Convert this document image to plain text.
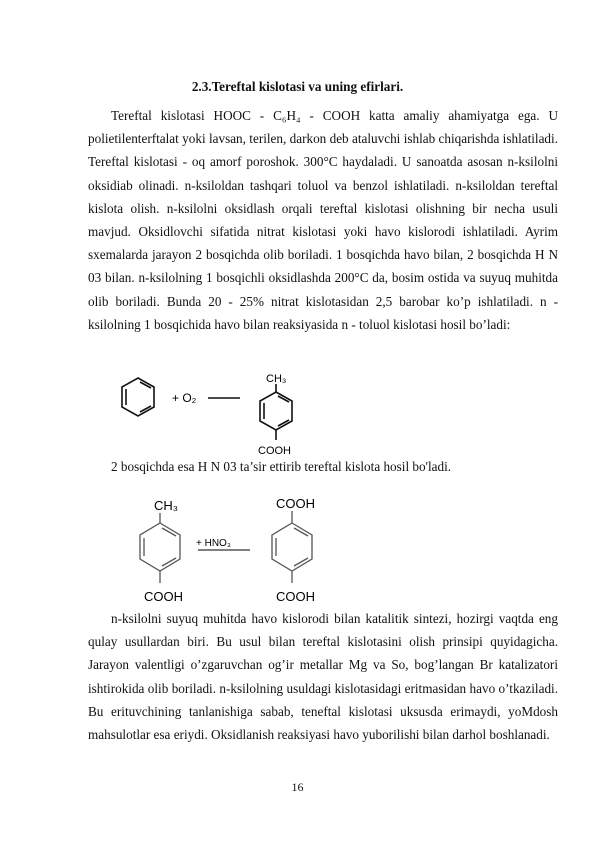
2.3.Tereftal kislotasi va uning efirlari.

Tereftal kislotasi HOOC - C₆H₄ - COOH katta amaliy ahamiyatga ega. U polietilenterftalat yoki lavsan, terilen, darkon deb ataluvchi ishlab chiqarishda ishlatiladi. Tereftal kislotasi - oq amorf poroshok. 300°C haydaladi. U sanoatda asosan n-ksilolni oksidiab olinadi. n-ksiloldan tashqari toluol va benzol ishlatiladi. n-ksiloldan tereftal kislota olish. n-ksilolni oksidlash orqali tereftal kislotasi olishning bir necha usuli mavjud. Oksidlovchi sifatida nitrat kislotasi yoki havo kislorodi ishlatiladi. Ayrim sxemalarda jarayon 2 bosqichda olib boriladi. 1 bosqichda havo bilan, 2 bosqichda H N 03 bilan. n-ksilolning 1 bosqichli oksidlashda 200°C da, bosim ostida va suyuq muhitda olib boriladi. Bunda 20 - 25% nitrat kislotasidan 2,5 barobar ko’p ishlatiladi. n - ksilolning 1 bosqichida havo bilan reaksiyasida n - toluol kislotasi hosil bo’ladi:

+ O₂
CH₃
COOH

2 bosqichda esa H N 03 ta’sir ettirib tereftal kislota hosil bo'ladi.

CH₃
COOH
+ HNO₃
COOH
COOH

n-ksilolni suyuq muhitda havo kislorodi bilan katalitik sintezi, hozirgi vaqtda eng qulay usullardan biri. Bu usul bilan tereftal kislotasini olish prinsipi quyidagicha. Jarayon valentligi o’zgaruvchan og’ir metallar Mg va So, bog’langan Br katalizatori ishtirokida olib boriladi. n-ksilolning usuldagi kislotasidagi eritmasidan havo o’tkaziladi. Bu erituvchining tanlanishiga sabab, teneftal kislotasi uksusda erimaydi, yoMdosh mahsulotlar esa eriydi. Oksidlanish reaksiyasi havo yuborilishi bilan darhol boshlanadi.

16
